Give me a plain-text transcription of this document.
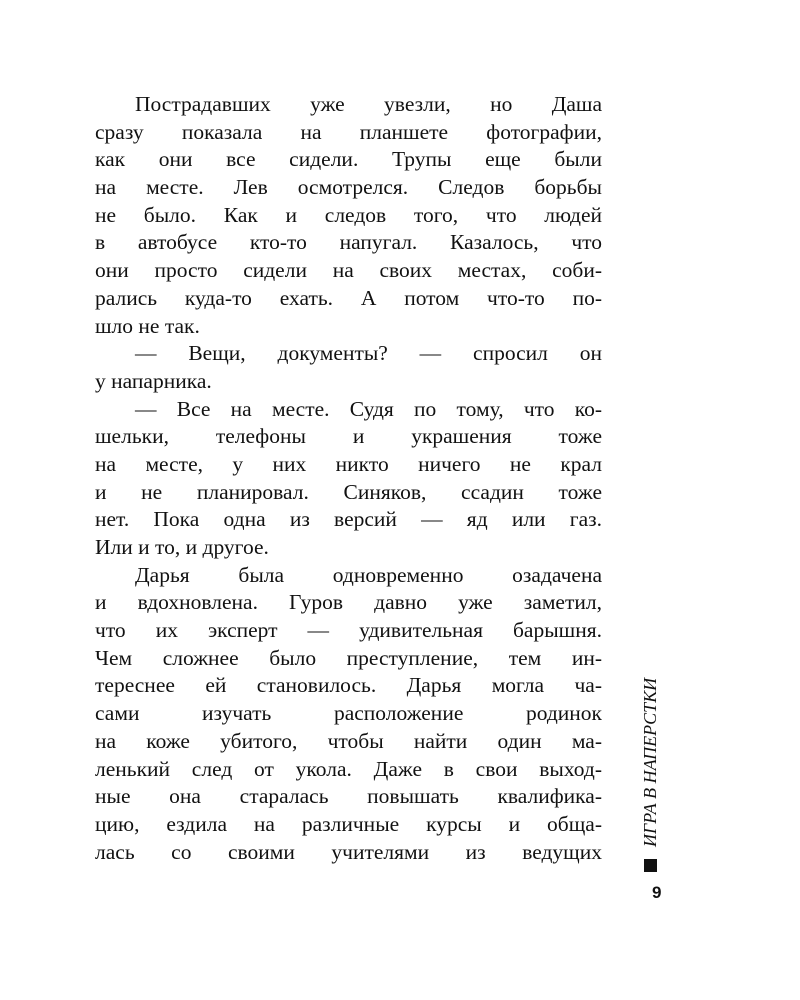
Пострадавших уже увезли, но Даша
сразу показала на планшете фотографии,
как они все сидели. Трупы еще были
на месте. Лев осмотрелся. Следов борьбы
не было. Как и следов того, что людей
в автобусе кто-то напугал. Казалось, что
они просто сидели на своих местах, соби-
рались куда-то ехать. А потом что-то по-
шло не так.
— Вещи, документы? — спросил он
у напарника.
— Все на месте. Судя по тому, что ко-
шельки, телефоны и украшения тоже
на месте, у них никто ничего не крал
и не планировал. Синяков, ссадин тоже
нет. Пока одна из версий — яд или газ.
Или и то, и другое.
Дарья была одновременно озадачена
и вдохновлена. Гуров давно уже заметил,
что их эксперт — удивительная барышня.
Чем сложнее было преступление, тем ин-
тереснее ей становилось. Дарья могла ча-
сами изучать расположение родинок
на коже убитого, чтобы найти один ма-
ленький след от укола. Даже в свои выход-
ные она старалась повышать квалифика-
цию, ездила на различные курсы и обща-
лась со своими учителями из ведущих
ИГРА В НАПЕРСТКИ
9
